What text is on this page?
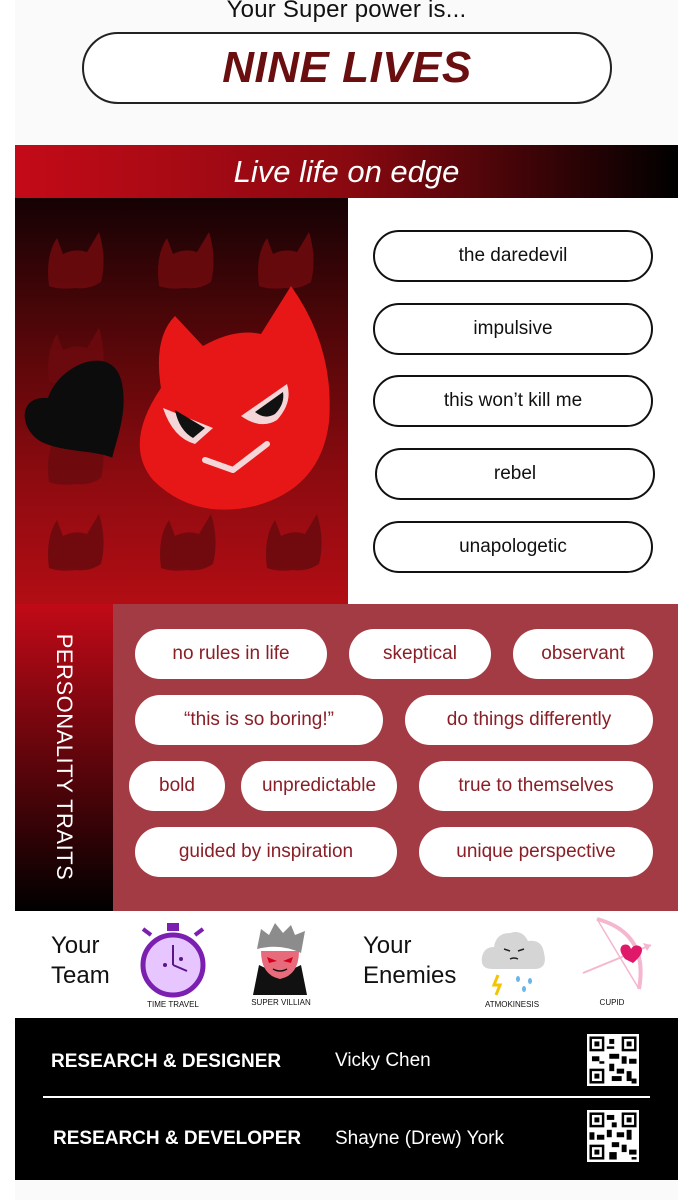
Your Super power is...
NINE LIVES
Live life on edge
the daredevil
impulsive
this won’t kill me
rebel
unapologetic
PERSONALITY TRAITS	no rules in life	skeptical	observant
“this is so boring!”	do things differently
bold	unpredictable	true to themselves
guided by inspiration	unique perspective
Your
Team
TIME TRAVEL	SUPER VILLIAN
Your
Enemies
ATMOKINESIS	CUPID
RESEARCH & DESIGNER	Vicky Chen
RESEARCH & DEVELOPER Shayne (Drew) York
